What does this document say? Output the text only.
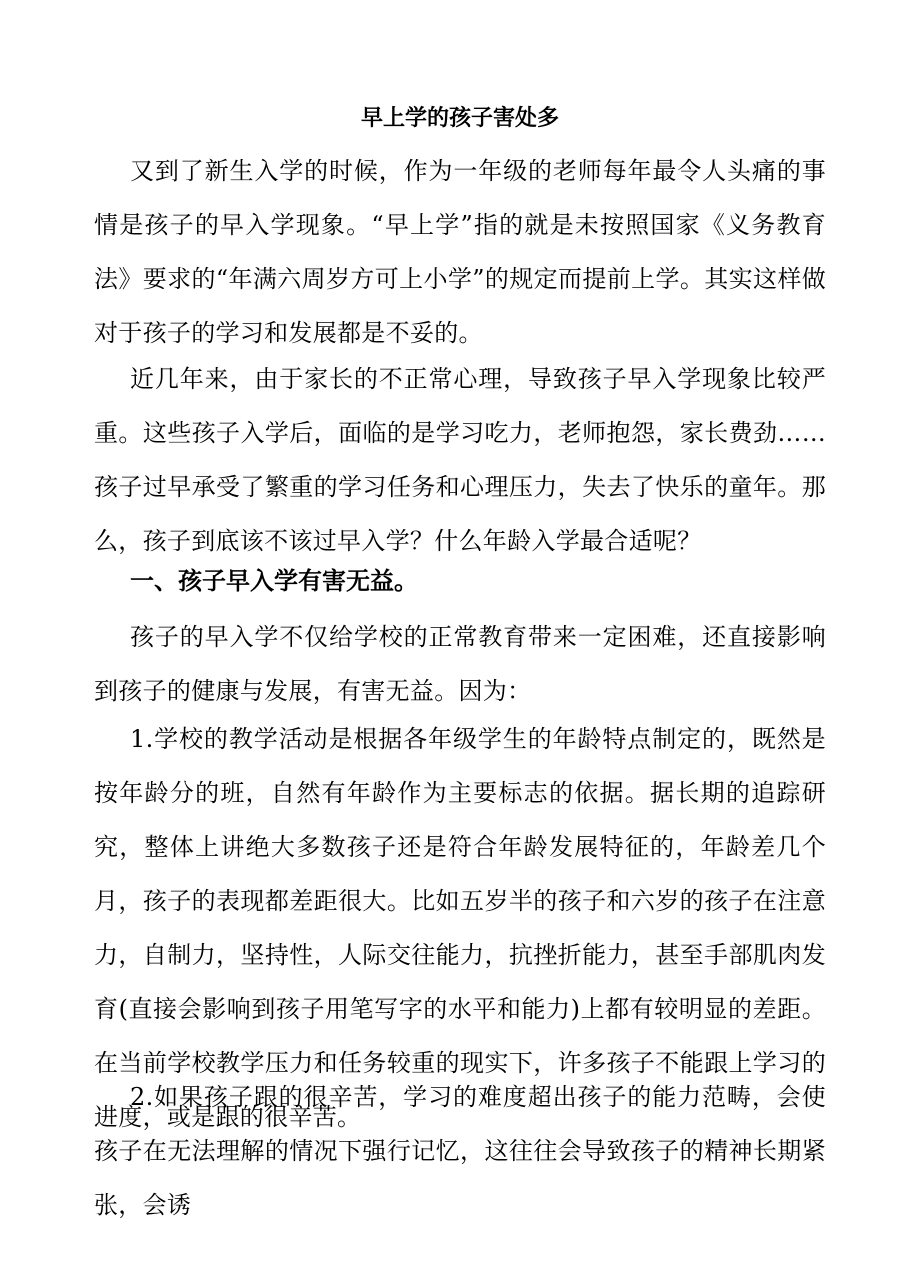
早上学的孩子害处多

又到了新生入学的时候，作为一年级的老师每年最令人头痛的事情是孩子的早入学现象。“早上学”指的就是未按照国家《义务教育法》要求的“年满六周岁方可上小学”的规定而提前上学。其实这样做对于孩子的学习和发展都是不妥的。

近几年来，由于家长的不正常心理，导致孩子早入学现象比较严重。这些孩子入学后，面临的是学习吃力，老师抱怨，家长费劲……孩子过早承受了繁重的学习任务和心理压力，失去了快乐的童年。那么，孩子到底该不该过早入学？什么年龄入学最合适呢？

一、孩子早入学有害无益。

孩子的早入学不仅给学校的正常教育带来一定困难，还直接影响到孩子的健康与发展，有害无益。因为：

1.学校的教学活动是根据各年级学生的年龄特点制定的，既然是按年龄分的班，自然有年龄作为主要标志的依据。据长期的追踪研究，整体上讲绝大多数孩子还是符合年龄发展特征的，年龄差几个月，孩子的表现都差距很大。比如五岁半的孩子和六岁的孩子在注意力，自制力，坚持性，人际交往能力，抗挫折能力，甚至手部肌肉发育(直接会影响到孩子用笔写字的水平和能力)上都有较明显的差距。在当前学校教学压力和任务较重的现实下，许多孩子不能跟上学习的进度，或是跟的很辛苦。

2.如果孩子跟的很辛苦，学习的难度超出孩子的能力范畴，会使孩子在无法理解的情况下强行记忆，这往往会导致孩子的精神长期紧张，会诱
